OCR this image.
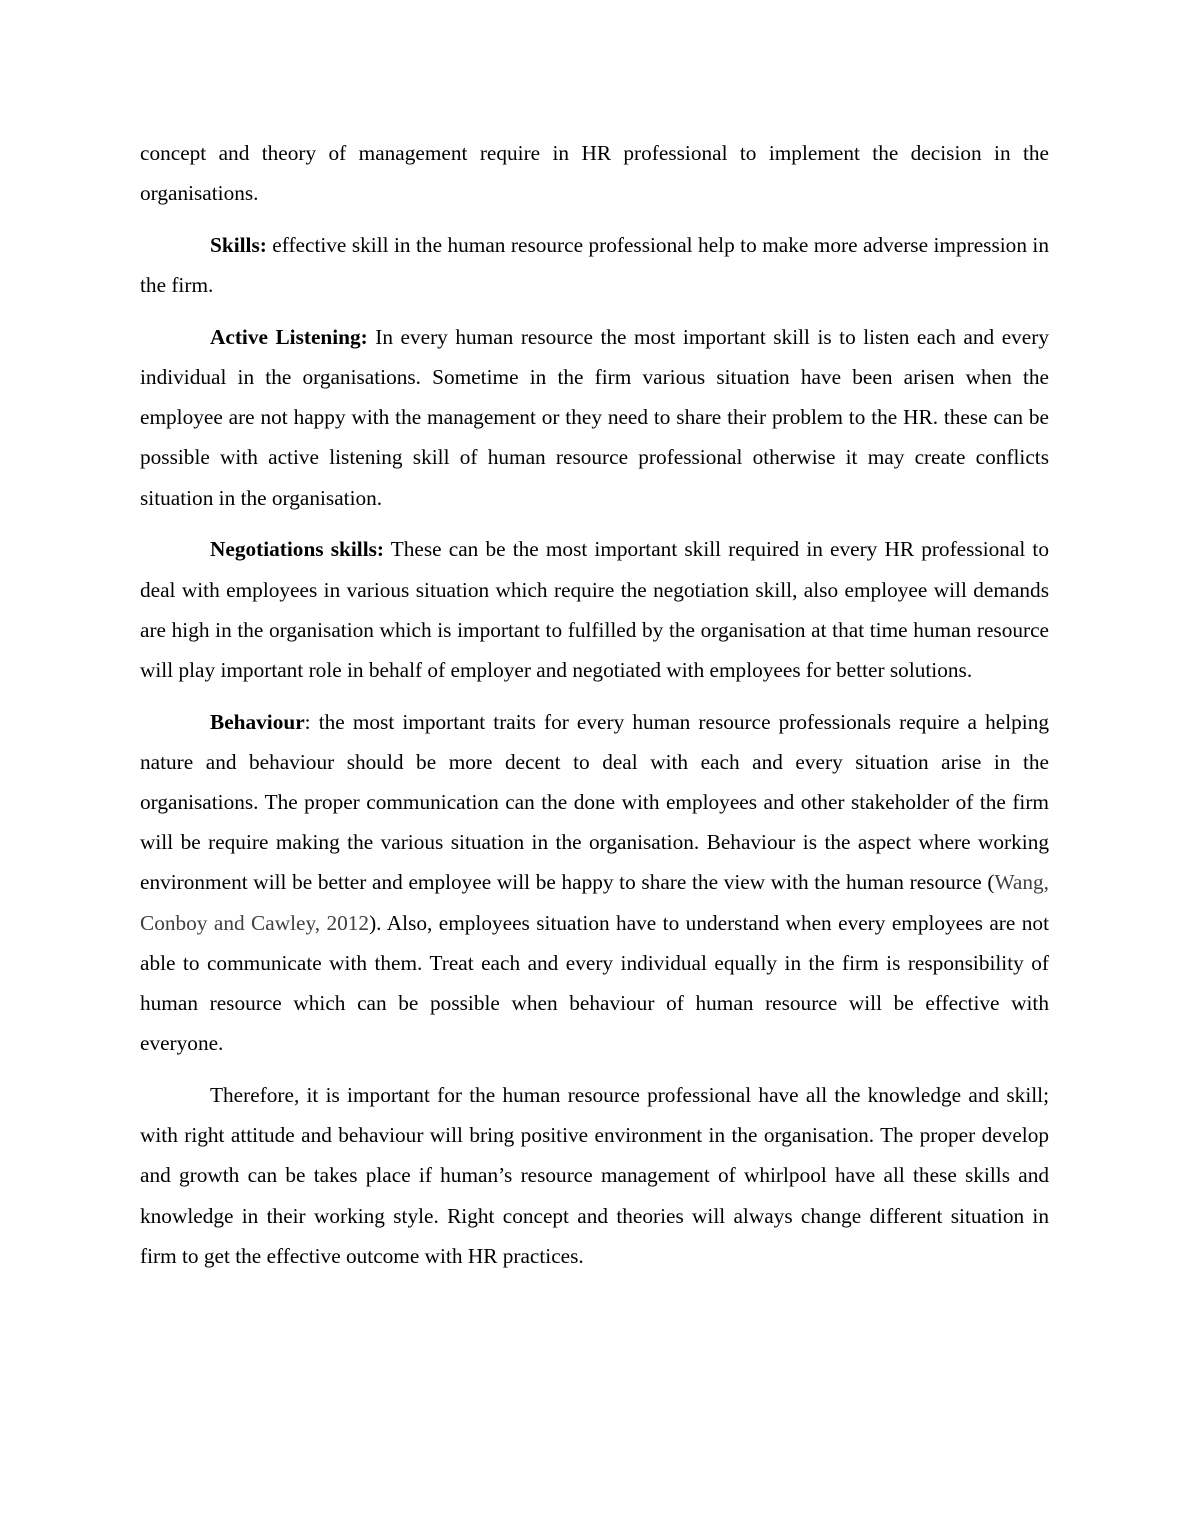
concept and theory of management require in HR professional to implement the decision in the organisations.

Skills: effective skill in the human resource professional help to make more adverse impression in the firm.

Active Listening: In every human resource the most important skill is to listen each and every individual in the organisations. Sometime in the firm various situation have been arisen when the employee are not happy with the management or they need to share their problem to the HR. these can be possible with active listening skill of human resource professional otherwise it may create conflicts situation in the organisation.

Negotiations skills: These can be the most important skill required in every HR professional to deal with employees in various situation which require the negotiation skill, also employee will demands are high in the organisation which is important to fulfilled by the organisation at that time human resource will play important role in behalf of employer and negotiated with employees for better solutions.

Behaviour: the most important traits for every human resource professionals require a helping nature and behaviour should be more decent to deal with each and every situation arise in the organisations. The proper communication can the done with employees and other stakeholder of the firm will be require making the various situation in the organisation. Behaviour is the aspect where working environment will be better and employee will be happy to share the view with the human resource (Wang, Conboy and Cawley, 2012). Also, employees situation have to understand when every employees are not able to communicate with them. Treat each and every individual equally in the firm is responsibility of human resource which can be possible when behaviour of human resource will be effective with everyone.

Therefore, it is important for the human resource professional have all the knowledge and skill; with right attitude and behaviour will bring positive environment in the organisation. The proper develop and growth can be takes place if human’s resource management of whirlpool have all these skills and knowledge in their working style. Right concept and theories will always change different situation in firm to get the effective outcome with HR practices.
